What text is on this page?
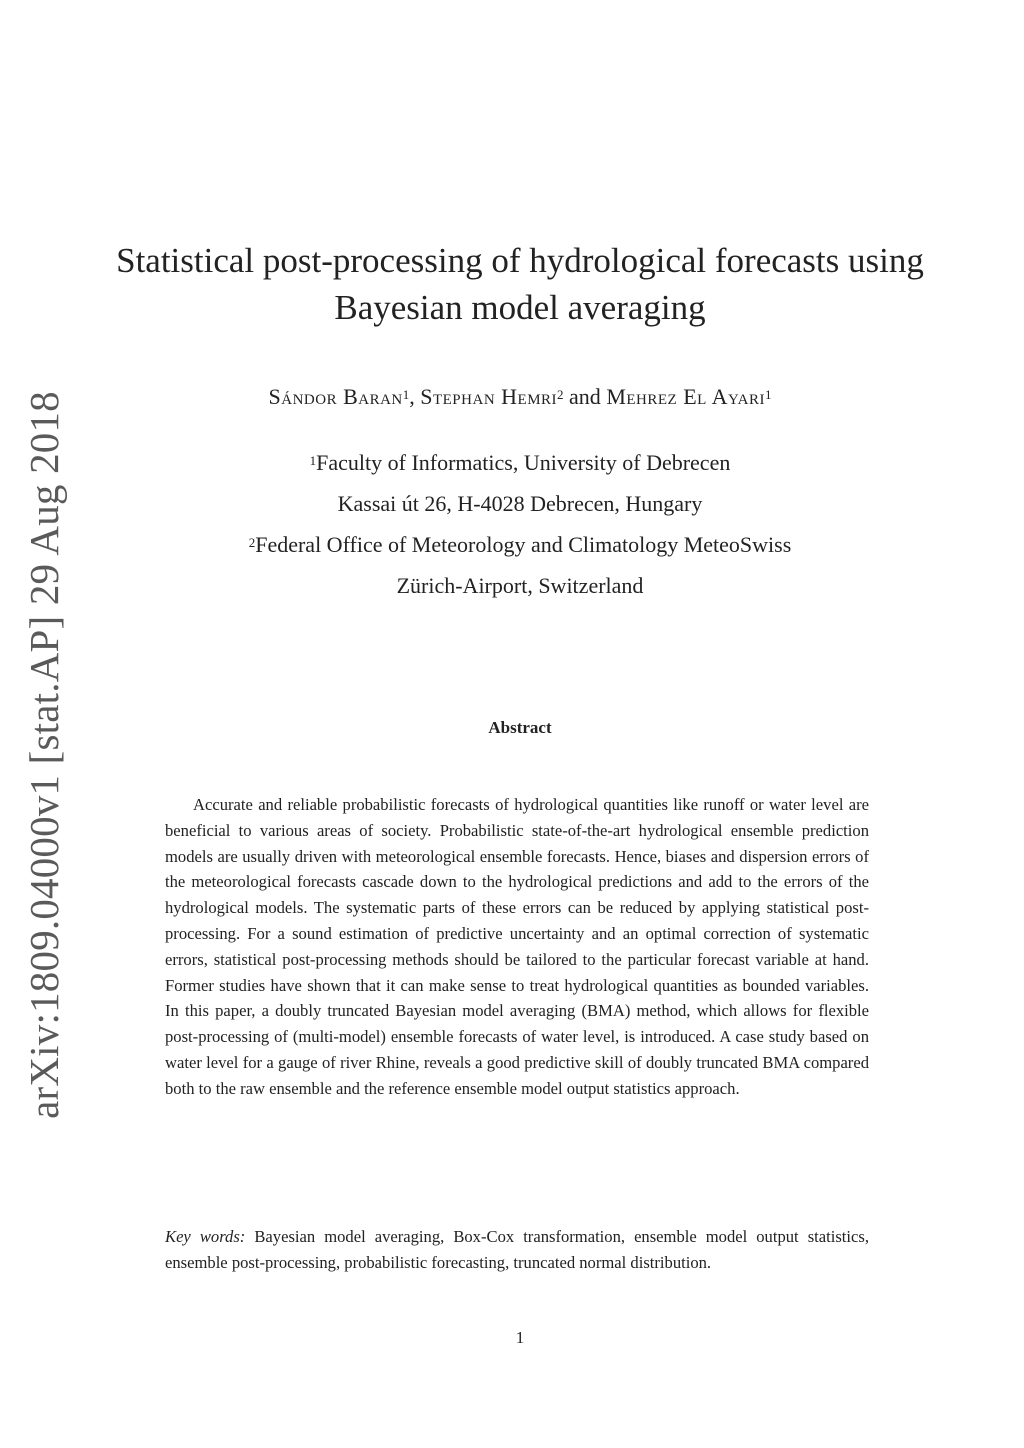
arXiv:1809.04000v1 [stat.AP] 29 Aug 2018
Statistical post-processing of hydrological forecasts using
Bayesian model averaging
Sándor Baran$^1$, Stephan Hemri$^2$ and Mehrez El Ayari$^1$
$^1$Faculty of Informatics, University of Debrecen
Kassai út 26, H-4028 Debrecen, Hungary
$^2$Federal Office of Meteorology and Climatology MeteoSwiss
Zürich-Airport, Switzerland
Abstract

Accurate and reliable probabilistic forecasts of hydrological quantities like runoff or water level are beneficial to various areas of society. Probabilistic state-of-the-art hydrological ensemble prediction models are usually driven with meteorological ensemble forecasts. Hence, biases and dispersion errors of the meteorological forecasts cascade down to the hydrological predictions and add to the errors of the hydrological models. The systematic parts of these errors can be reduced by applying statistical post-processing. For a sound estimation of predictive uncertainty and an optimal correction of systematic errors, statistical post-processing methods should be tailored to the particular forecast variable at hand. Former studies have shown that it can make sense to treat hydrological quantities as bounded variables. In this paper, a doubly truncated Bayesian model averaging (BMA) method, which allows for flexible post-processing of (multi-model) ensemble forecasts of water level, is introduced. A case study based on water level for a gauge of river Rhine, reveals a good predictive skill of doubly truncated BMA compared both to the raw ensemble and the reference ensemble model output statistics approach.

Key words: Bayesian model averaging, Box-Cox transformation, ensemble model output statistics, ensemble post-processing, probabilistic forecasting, truncated normal distribution.

1
